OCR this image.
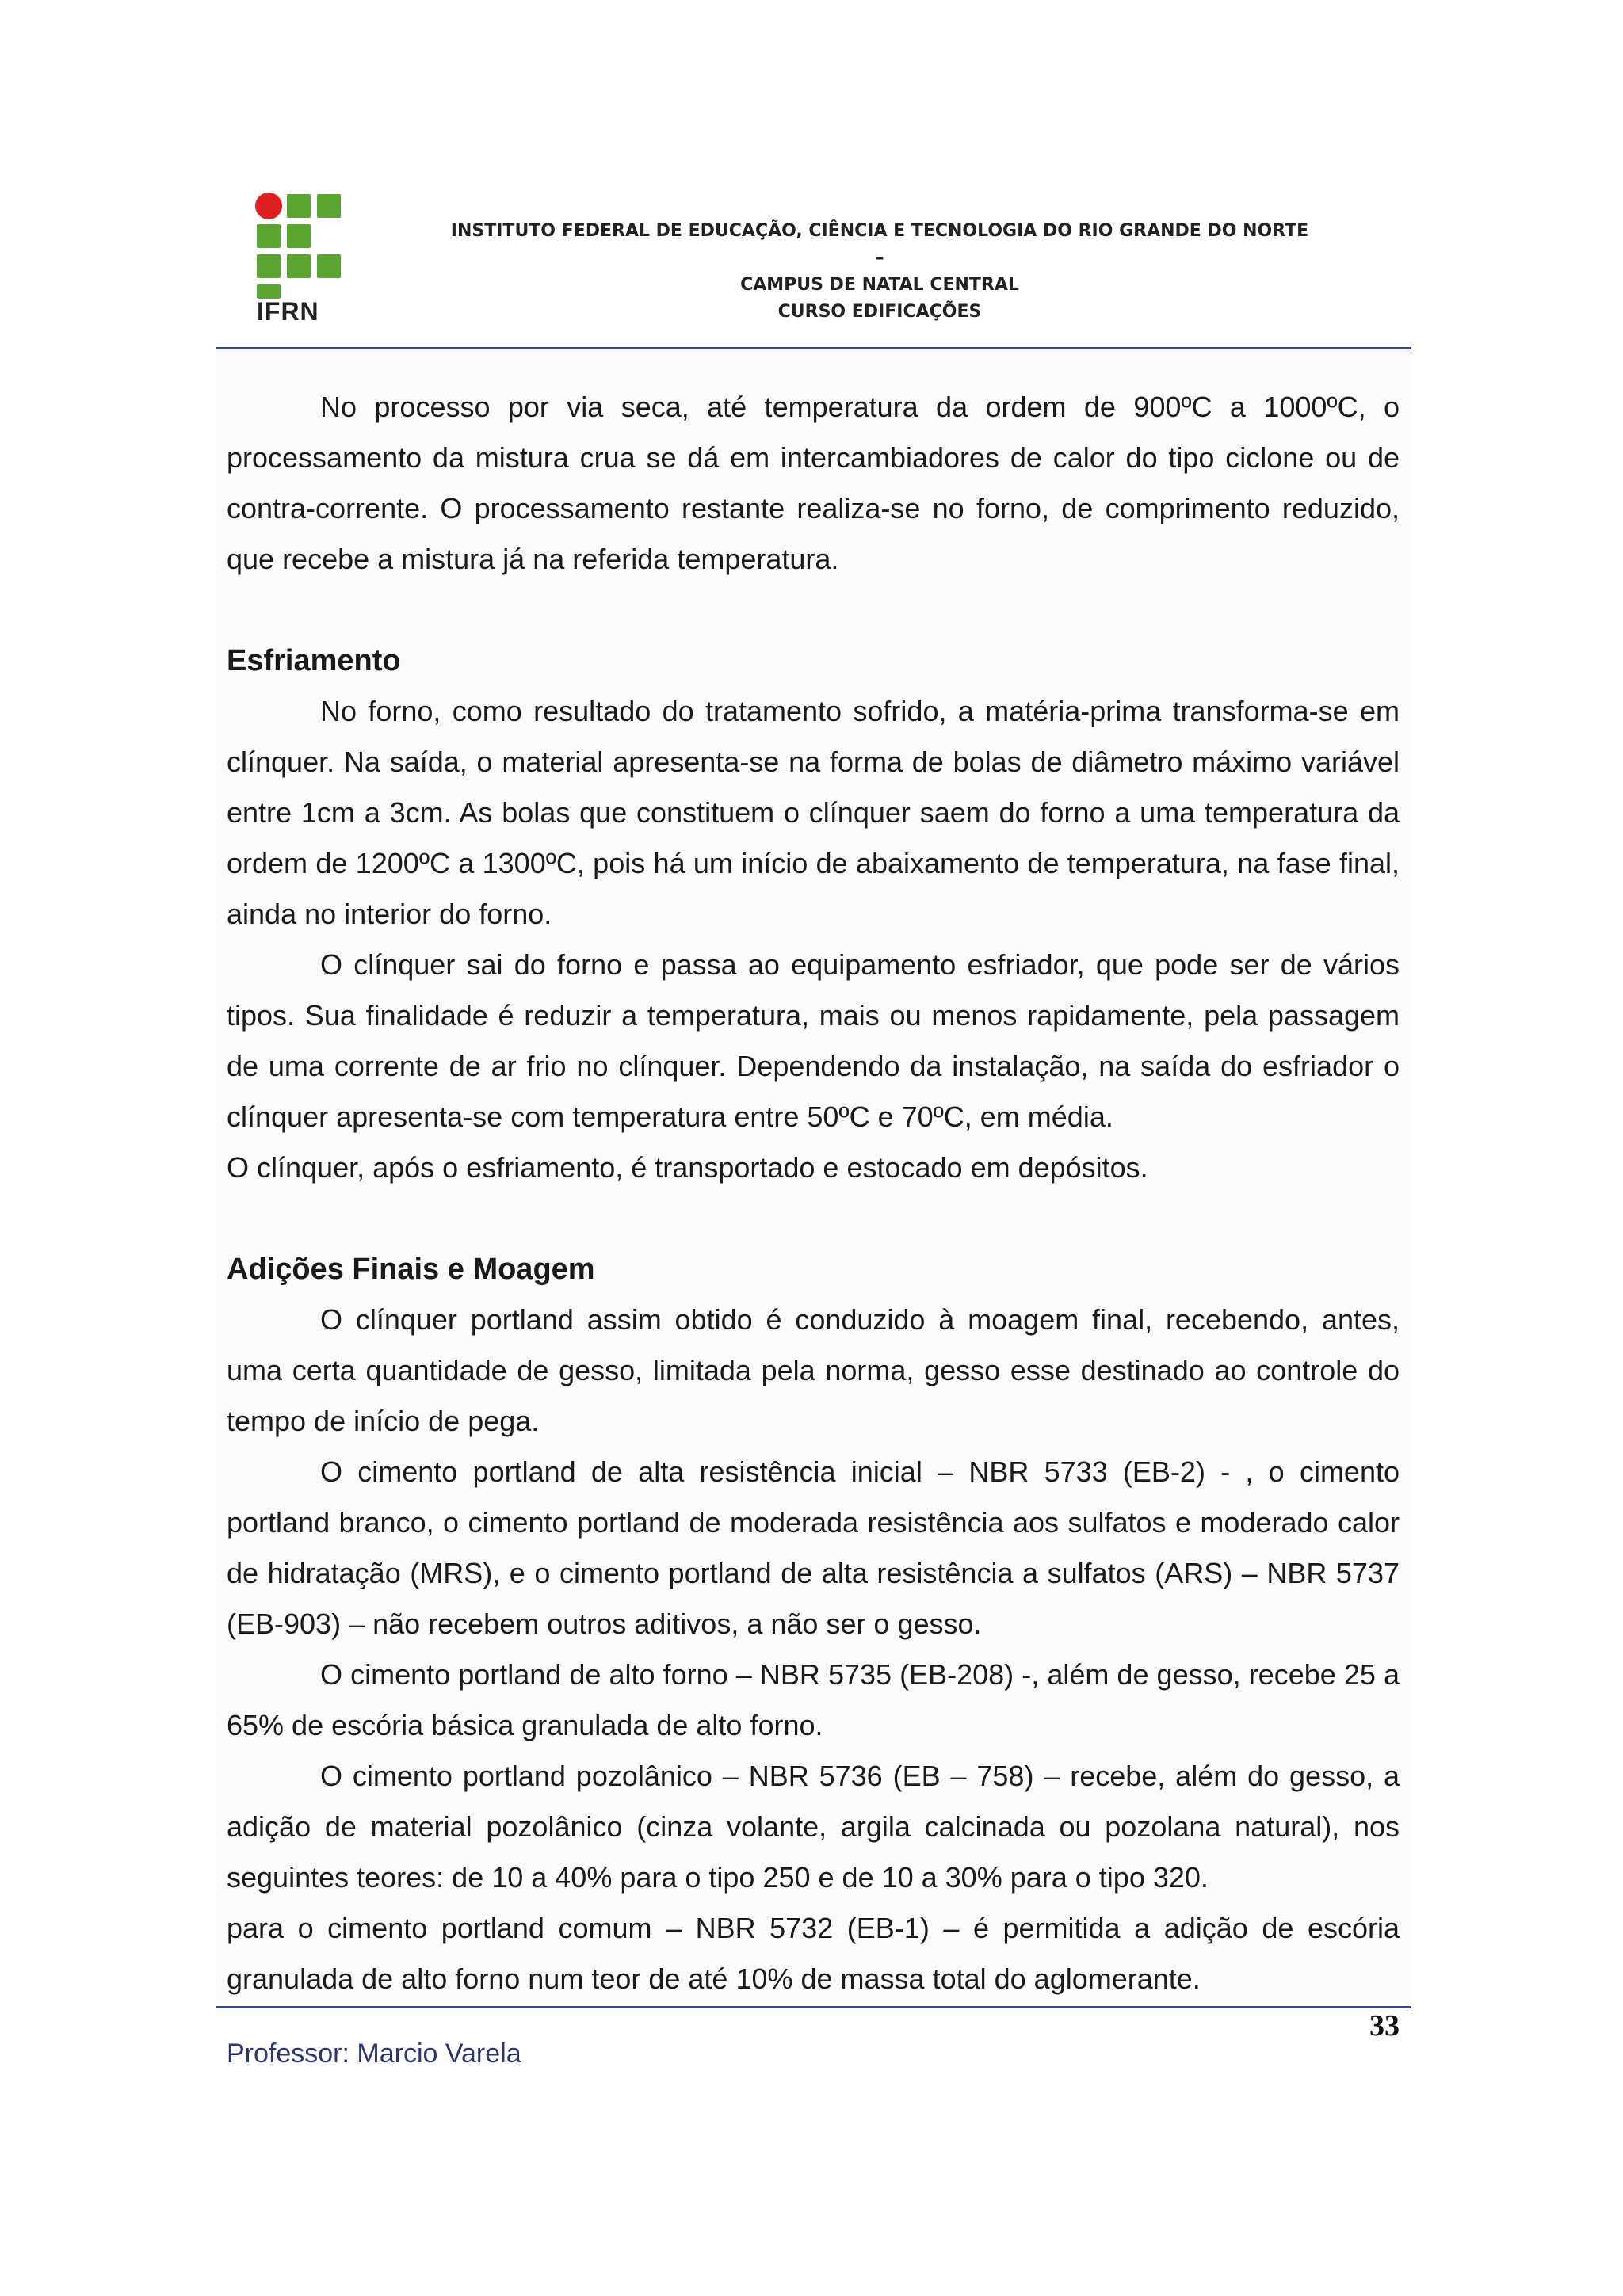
IFRN
INSTITUTO FEDERAL DE EDUCAÇÃO, CIÊNCIA E TECNOLOGIA DO RIO GRANDE DO NORTE –
CAMPUS DE NATAL CENTRAL
CURSO EDIFICAÇÕES

No processo por via seca, até temperatura da ordem de 900ºC a 1000ºC, o processamento da mistura crua se dá em intercambiadores de calor do tipo ciclone ou de contra-corrente. O processamento restante realiza-se no forno, de comprimento reduzido, que recebe a mistura já na referida temperatura.

Esfriamento

No forno, como resultado do tratamento sofrido, a matéria-prima transforma-se em clínquer. Na saída, o material apresenta-se na forma de bolas de diâmetro máximo variável entre 1cm a 3cm. As bolas que constituem o clínquer saem do forno a uma temperatura da ordem de 1200ºC a 1300ºC, pois há um início de abaixamento de temperatura, na fase final, ainda no interior do forno.

O clínquer sai do forno e passa ao equipamento esfriador, que pode ser de vários tipos. Sua finalidade é reduzir a temperatura, mais ou menos rapidamente, pela passagem de uma corrente de ar frio no clínquer. Dependendo da instalação, na saída do esfriador o clínquer apresenta-se com temperatura entre 50ºC e 70ºC, em média.

O clínquer, após o esfriamento, é transportado e estocado em depósitos.

Adições Finais e Moagem

O clínquer portland assim obtido é conduzido à moagem final, recebendo, antes, uma certa quantidade de gesso, limitada pela norma, gesso esse destinado ao controle do tempo de início de pega.

O cimento portland de alta resistência inicial – NBR 5733 (EB-2) - , o cimento portland branco, o cimento portland de moderada resistência aos sulfatos e moderado calor de hidratação (MRS), e o cimento portland de alta resistência a sulfatos (ARS) – NBR 5737 (EB-903) – não recebem outros aditivos, a não ser o gesso.

O cimento portland de alto forno – NBR 5735 (EB-208) -, além de gesso, recebe 25 a 65% de escória básica granulada de alto forno.

O cimento portland pozolânico – NBR 5736 (EB – 758) – recebe, além do gesso, a adição de material pozolânico (cinza volante, argila calcinada ou pozolana natural), nos seguintes teores: de 10 a 40% para o tipo 250 e de 10 a 30% para o tipo 320.

para o cimento portland comum – NBR 5732 (EB-1) – é permitida a adição de escória granulada de alto forno num teor de até 10% de massa total do aglomerante.

33
Professor: Marcio Varela
